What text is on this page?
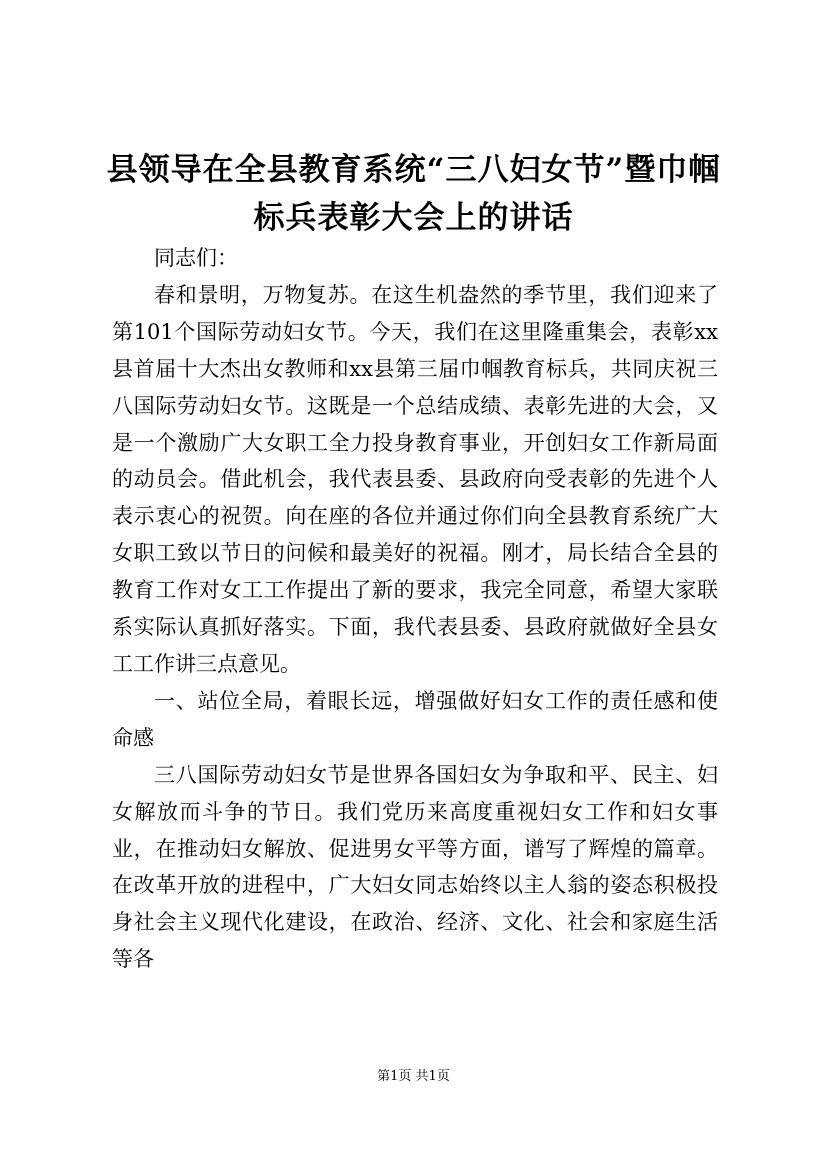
县领导在全县教育系统“三八妇女节”暨巾帼
标兵表彰大会上的讲话

同志们：

春和景明，万物复苏。在这生机盎然的季节里，我们迎来了第101个国际劳动妇女节。今天，我们在这里隆重集会，表彰xx县首届十大杰出女教师和xx县第三届巾帼教育标兵，共同庆祝三八国际劳动妇女节。这既是一个总结成绩、表彰先进的大会，又是一个激励广大女职工全力投身教育事业，开创妇女工作新局面的动员会。借此机会，我代表县委、县政府向受表彰的先进个人表示衷心的祝贺。向在座的各位并通过你们向全县教育系统广大女职工致以节日的问候和最美好的祝福。刚才，局长结合全县的教育工作对女工工作提出了新的要求，我完全同意，希望大家联系实际认真抓好落实。下面，我代表县委、县政府就做好全县女工工作讲三点意见。

一、站位全局，着眼长远，增强做好妇女工作的责任感和使命感

三八国际劳动妇女节是世界各国妇女为争取和平、民主、妇女解放而斗争的节日。我们党历来高度重视妇女工作和妇女事业，在推动妇女解放、促进男女平等方面，谱写了辉煌的篇章。在改革开放的进程中，广大妇女同志始终以主人翁的姿态积极投身社会主义现代化建设，在政治、经济、文化、社会和家庭生活等各

第1页 共1页
